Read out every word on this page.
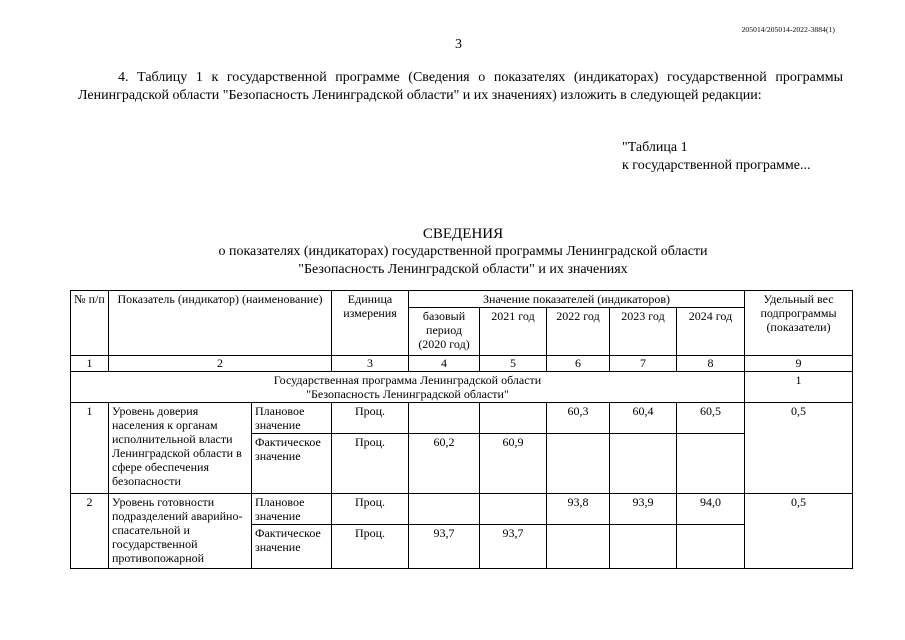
205014/205014-2022-3884(1)
3
4. Таблицу 1 к государственной программе (Сведения о показателях (индикаторах) государственной программы Ленинградской области "Безопасность Ленинградской области" и их значениях) изложить в следующей редакции:
"Таблица 1
к государственной программе...
СВЕДЕНИЯ
о показателях (индикаторах) государственной программы Ленинградской области
"Безопасность Ленинградской области" и их значениях
№ п/п	Показатель (индикатор) (наименование)		Единица измерения	Значение показателей (индикаторов)					Удельный вес подпрограммы (показатели)
				базовый период (2020 год)	2021 год	2022 год	2023 год	2024 год	
1	2		3	4	5	6	7	8	9

Государственная программа Ленинградской области
"Безопасность Ленинградской области"									1
1	Уровень доверия населения к органам исполнительной власти Ленинградской области в сфере обеспечения безопасности	Плановое значение	Проц.			60,3	60,4	60,5	0,5
		Фактическое значение	Проц.	60,2	60,9				
2	Уровень готовности подразделений аварийно-спасательной и государственной противопожарной	Плановое значение	Проц.			93,8	93,9	94,0	0,5
		Фактическое значение	Проц.	93,7	93,7				
